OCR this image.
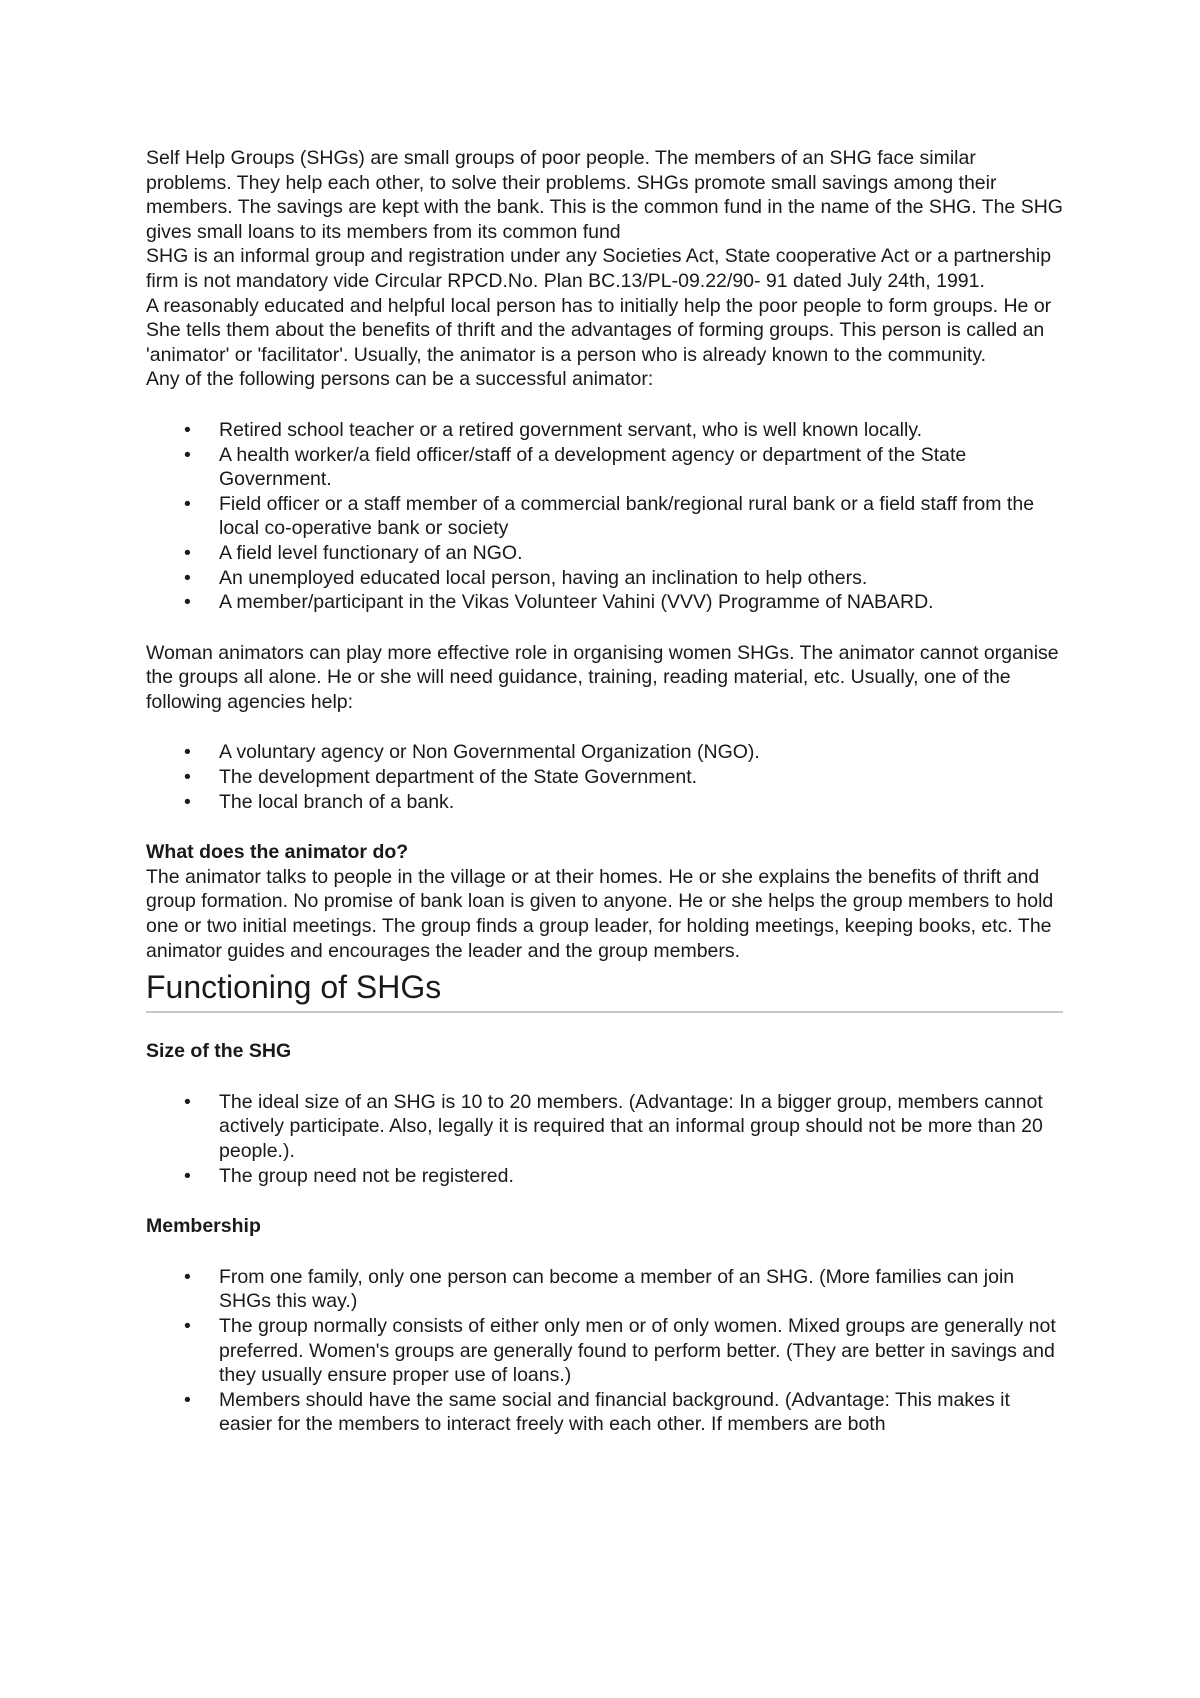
Self Help Groups (SHGs) are small groups of poor people. The members of an SHG face similar problems. They help each other, to solve their problems. SHGs promote small savings among their members. The savings are kept with the bank. This is the common fund in the name of the SHG. The SHG gives small loans to its members from its common fund

SHG is an informal group and registration under any Societies Act, State cooperative Act or a partnership firm is not mandatory vide Circular RPCD.No. Plan BC.13/PL-09.22/90- 91 dated July 24th, 1991.

A reasonably educated and helpful local person has to initially help the poor people to form groups. He or She tells them about the benefits of thrift and the advantages of forming groups. This person is called an 'animator' or 'facilitator'. Usually, the animator is a person who is already known to the community.

Any of the following persons can be a successful animator:

• Retired school teacher or a retired government servant, who is well known locally.
• A health worker/a field officer/staff of a development agency or department of the State Government.
• Field officer or a staff member of a commercial bank/regional rural bank or a field staff from the local co-operative bank or society
• A field level functionary of an NGO.
• An unemployed educated local person, having an inclination to help others.
• A member/participant in the Vikas Volunteer Vahini (VVV) Programme of NABARD.

Woman animators can play more effective role in organising women SHGs. The animator cannot organise the groups all alone. He or she will need guidance, training, reading material, etc. Usually, one of the following agencies help:

• A voluntary agency or Non Governmental Organization (NGO).
• The development department of the State Government.
• The local branch of a bank.
What does the animator do?

The animator talks to people in the village or at their homes. He or she explains the benefits of thrift and group formation. No promise of bank loan is given to anyone. He or she helps the group members to hold one or two initial meetings. The group finds a group leader, for holding meetings, keeping books, etc. The animator guides and encourages the leader and the group members.

Functioning of SHGs
Size of the SHG
• The ideal size of an SHG is 10 to 20 members. (Advantage: In a bigger group, members cannot actively participate. Also, legally it is required that an informal group should not be more than 20 people.).
• The group need not be registered.
Membership
• From one family, only one person can become a member of an SHG. (More families can join SHGs this way.)
• The group normally consists of either only men or of only women. Mixed groups are generally not preferred. Women's groups are generally found to perform better. (They are better in savings and they usually ensure proper use of loans.)
• Members should have the same social and financial background. (Advantage: This makes it easier for the members to interact freely with each other. If members are both
